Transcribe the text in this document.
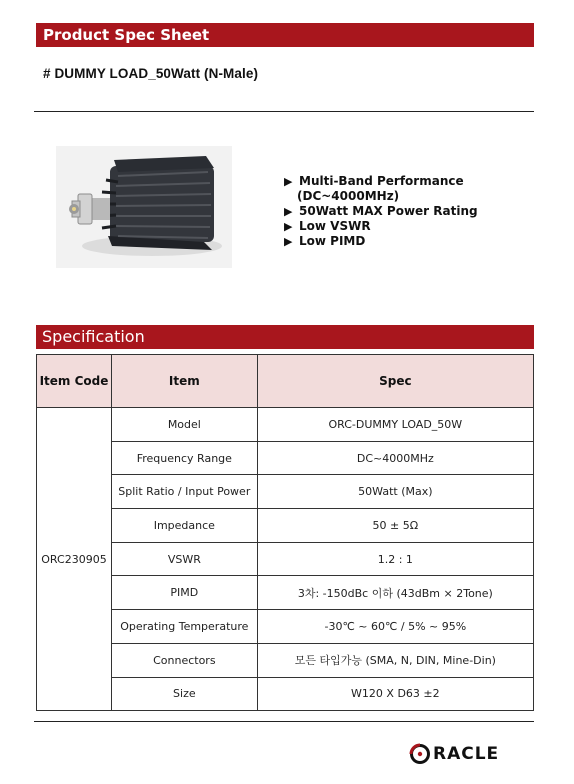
Product Spec Sheet
# DUMMY LOAD_50Watt (N-Male)
▶ Multi-Band Performance
(DC~4000MHz)
▶ 50Watt MAX Power Rating
▶ Low VSWR
▶ Low PIMD
Specification
Item Code	Item	Spec
ORC230905	Model	ORC-DUMMY LOAD_50W
	Frequency Range	DC~4000MHz
	Split Ratio / Input Power	50Watt (Max)
	Impedance	50 ± 5Ω
	VSWR	1.2 : 1
	PIMD	3차: -150dBc 이하 (43dBm × 2Tone)
	Operating Temperature	-30℃ ~ 60℃ / 5% ~ 95%
	Connectors	모든 타입가능 (SMA, N, DIN, Mine-Din)
	Size	W120 X D63 ±2
RACLE
